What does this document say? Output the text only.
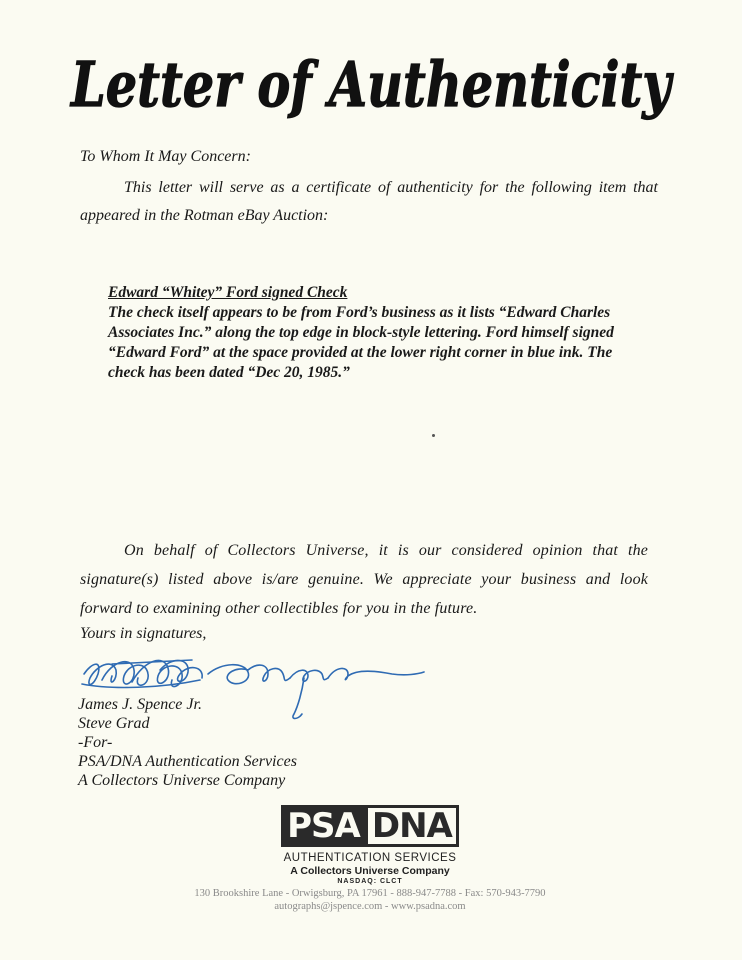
Letter of Authenticity
To Whom It May Concern:
This letter will serve as a certificate of authenticity for the following item that appeared in the Rotman eBay Auction:
Edward “Whitey” Ford signed Check
The check itself appears to be from Ford’s business as it lists “Edward Charles Associates Inc.” along the top edge in block-style lettering. Ford himself signed “Edward Ford” at the space provided at the lower right corner in blue ink. The check has been dated “Dec 20, 1985.”
On behalf of Collectors Universe, it is our considered opinion that the signature(s) listed above is/are genuine. We appreciate your business and look forward to examining other collectibles for you in the future.
Yours in signatures,
James J. Spence Jr.
Steve Grad
-For-
PSA/DNA Authentication Services
A Collectors Universe Company
PSA DNA
AUTHENTICATION SERVICES
A Collectors Universe Company
NASDAQ: CLCT
130 Brookshire Lane - Orwigsburg, PA 17961 - 888-947-7788 - Fax: 570-943-7790
autographs@jspence.com - www.psadna.com
